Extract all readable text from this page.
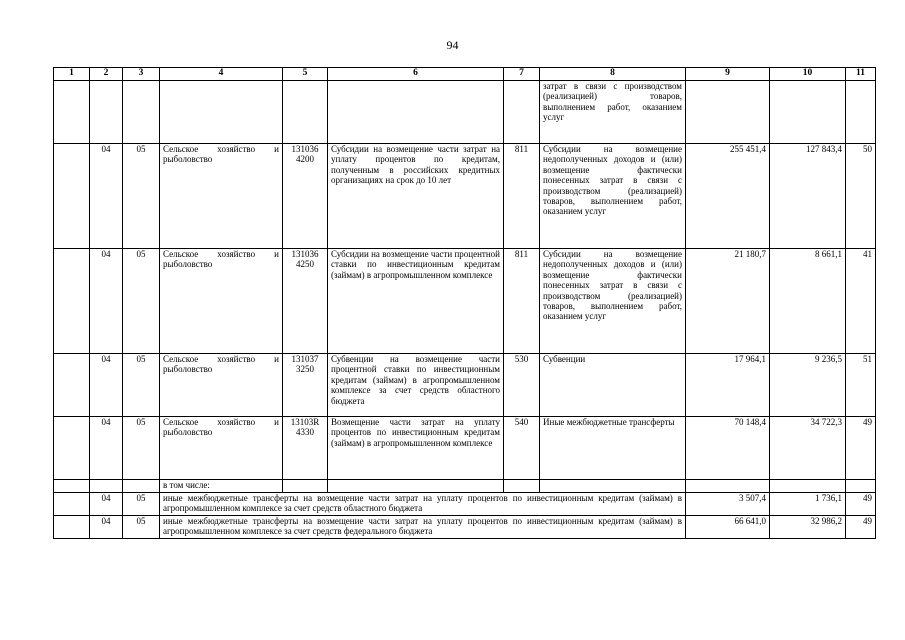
94
1	2	3	4	5	6	7	8	9	10	11
							затрат в связи с производством (реализацией) товаров, выполнением работ, оказанием услуг			
	04	05	Сельское хозяйство и рыболовство	131036 4200	Субсидии на возмещение части затрат на уплату процентов по кредитам, полученным в российских кредитных организациях на срок до 10 лет	811	Субсидии на возмещение недополученных доходов и (или) возмещение фактически понесенных затрат в связи с производством (реализацией) товаров, выполнением работ, оказанием услуг	255 451,4	127 843,4	50
	04	05	Сельское хозяйство и рыболовство	131036 4250	Субсидии на возмещение части процентной ставки по инвестиционным кредитам (займам) в агропромышленном комплексе	811	Субсидии на возмещение недополученных доходов и (или) возмещение фактически понесенных затрат в связи с производством (реализацией) товаров, выполнением работ, оказанием услуг	21 180,7	8 661,1	41
	04	05	Сельское хозяйство и рыболовство	131037 3250	Субвенции на возмещение части процентной ставки по инвестиционным кредитам (займам) в агропромышленном комплексе за счет средств областного бюджета	530	Субвенции	17 964,1	9 236,5	51
	04	05	Сельское хозяйство и рыболовство	13103R 4330	Возмещение части затрат на уплату процентов по инвестиционным кредитам (займам) в агропромышленном комплексе	540	Иные межбюджетные трансферты	70 148,4	34 722,3	49
			в том числе:							
	04	05	иные межбюджетные трансферты на возмещение части затрат на уплату процентов по инвестиционным кредитам (займам) в агропромышленном комплексе за счет средств областного бюджета					3 507,4	1 736,1	49
	04	05	иные межбюджетные трансферты на возмещение части затрат на уплату процентов по инвестиционным кредитам (займам) в агропромышленном комплексе за счет средств федерального бюджета					66 641,0	32 986,2	49
